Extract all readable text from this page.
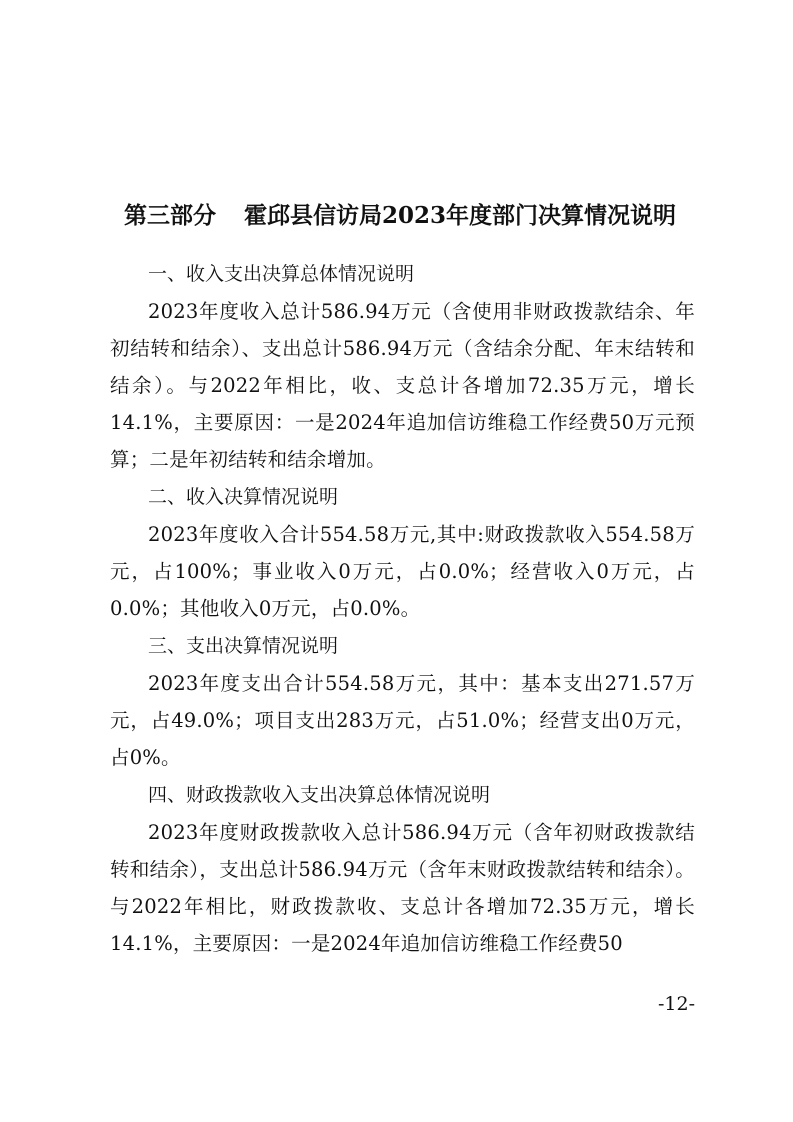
第三部分 霍邱县信访局2023年度部门决算情况说明

一、收入支出决算总体情况说明

2023年度收入总计586.94万元（含使用非财政拨款结余、年初结转和结余）、支出总计586.94万元（含结余分配、年末结转和结余）。与2022年相比，收、支总计各增加72.35万元，增长14.1%，主要原因：一是2024年追加信访维稳工作经费50万元预算；二是年初结转和结余增加。

二、收入决算情况说明

2023年度收入合计554.58万元,其中:财政拨款收入554.58万元，占100%；事业收入0万元，占0.0%；经营收入0万元，占0.0%；其他收入0万元，占0.0%。

三、支出决算情况说明

2023年度支出合计554.58万元，其中：基本支出271.57万元，占49.0%；项目支出283万元，占51.0%；经营支出0万元，占0%。

四、财政拨款收入支出决算总体情况说明

2023年度财政拨款收入总计586.94万元（含年初财政拨款结转和结余），支出总计586.94万元（含年末财政拨款结转和结余）。与2022年相比，财政拨款收、支总计各增加72.35万元，增长14.1%，主要原因：一是2024年追加信访维稳工作经费50

-12-
